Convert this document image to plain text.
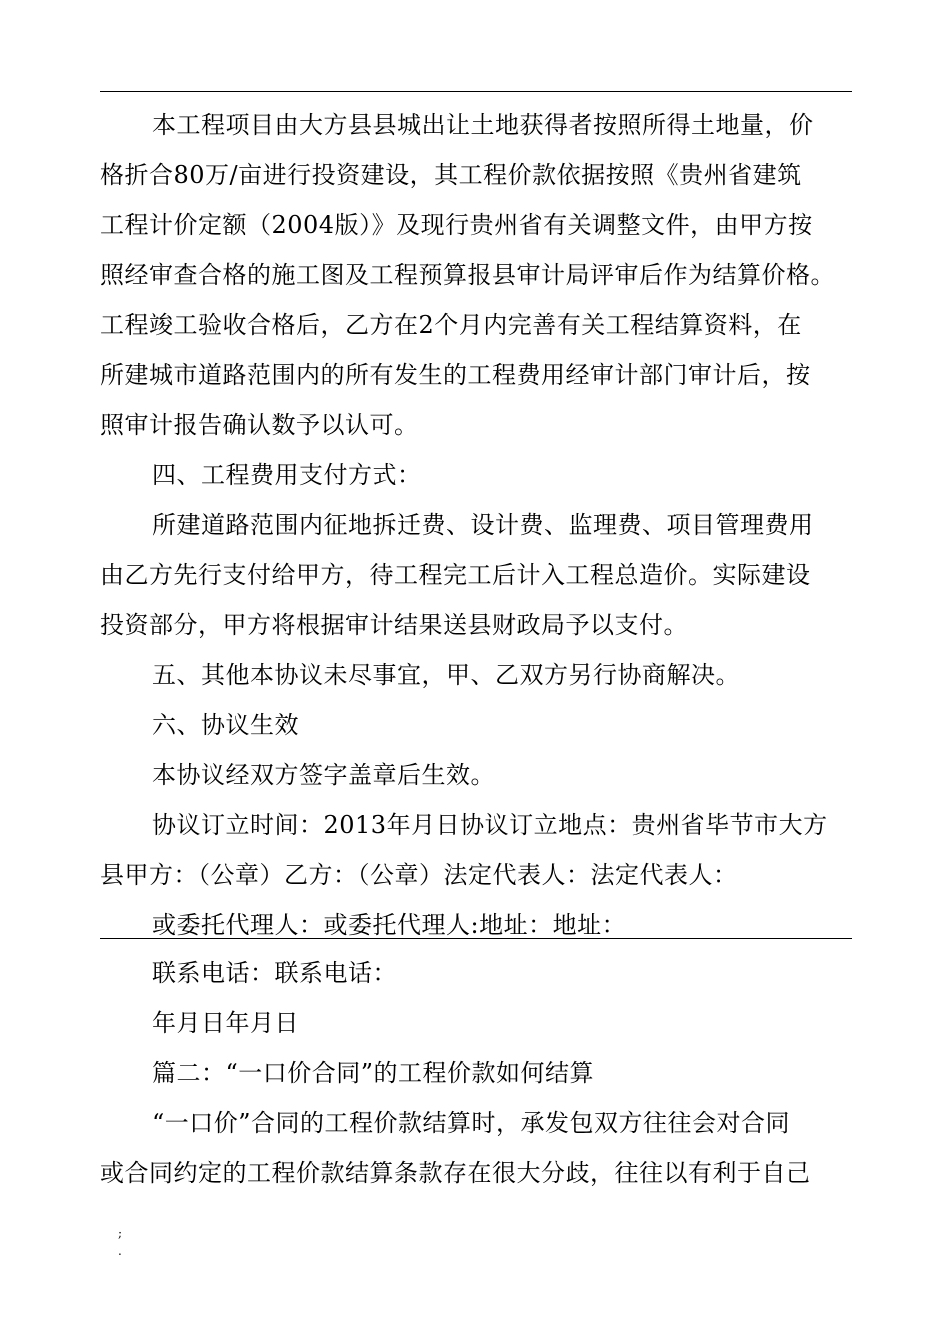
本工程项目由大方县县城出让土地获得者按照所得土地量，价
格折合80万/亩进行投资建设，其工程价款依据按照《贵州省建筑
工程计价定额（2004版）》及现行贵州省有关调整文件，由甲方按
照经审查合格的施工图及工程预算报县审计局评审后作为结算价格。
工程竣工验收合格后，乙方在2个月内完善有关工程结算资料，在
所建城市道路范围内的所有发生的工程费用经审计部门审计后，按
照审计报告确认数予以认可。
四、工程费用支付方式：
所建道路范围内征地拆迁费、设计费、监理费、项目管理费用
由乙方先行支付给甲方，待工程完工后计入工程总造价。实际建设
投资部分，甲方将根据审计结果送县财政局予以支付。
五、其他本协议未尽事宜，甲、乙双方另行协商解决。
六、协议生效
本协议经双方签字盖章后生效。
协议订立时间：2013年月日协议订立地点：贵州省毕节市大方
县甲方：（公章）乙方：（公章）法定代表人：法定代表人：
或委托代理人：或委托代理人:地址：地址：
联系电话：联系电话：
年月日年月日
篇二：“一口价合同”的工程价款如何结算
“一口价”合同的工程价款结算时，承发包双方往往会对合同
或合同约定的工程价款结算条款存在很大分歧，往往以有利于自己
;
.
